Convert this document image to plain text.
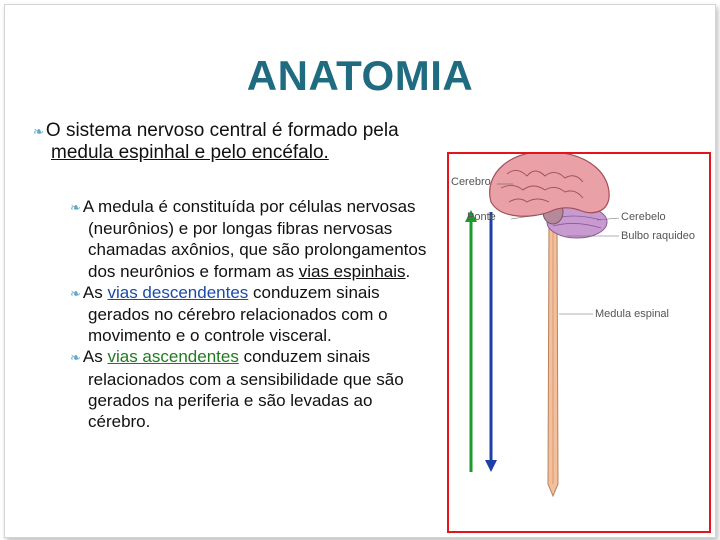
ANATOMIA
❧ O sistema nervoso central é formado pela medula espinhal e pelo encéfalo.
❧ A medula é constituída por células nervosas (neurônios) e por longas fibras nervosas chamadas axônios, que são prolongamentos dos neurônios e formam as vias espinhais.
❧ As vias descendentes conduzem sinais gerados no cérebro relacionados com o movimento e o controle visceral.
❧ As vias ascendentes conduzem sinais relacionados com a sensibilidade que são gerados na periferia e são levadas ao cérebro.
Cerebro
Ponte	Cerebelo
Bulbo raquideo
Medula espinal
